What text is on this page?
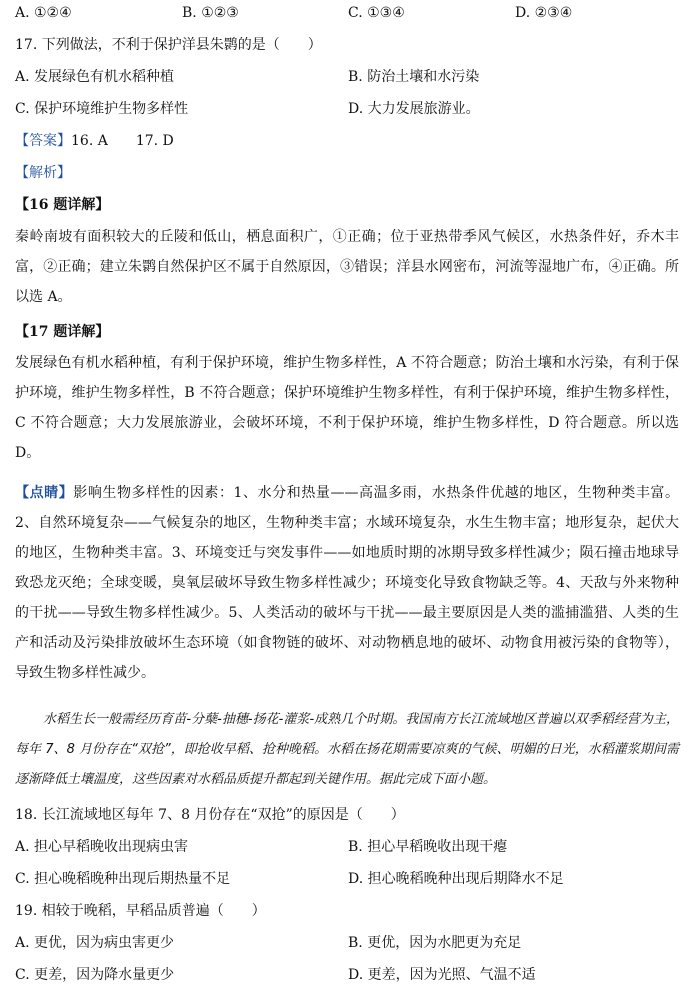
A. ①②④	B. ①②③	C. ①③④	D. ②③④
17. 下列做法，不利于保护洋县朱鹮的是（　　）
A. 发展绿色有机水稻种植	B. 防治土壤和水污染
C. 保护环境维护生物多样性	D. 大力发展旅游业。
【答案】16. A　　17. D
【解析】
【16 题详解】
秦岭南坡有面积较大的丘陵和低山，栖息面积广，①正确；位于亚热带季风气候区，水热条件好，乔木丰富，②正确；建立朱鹮自然保护区不属于自然原因，③错误；洋县水网密布，河流等湿地广布，④正确。所以选 A。
【17 题详解】
发展绿色有机水稻种植，有利于保护环境，维护生物多样性，A 不符合题意；防治土壤和水污染，有利于保护环境，维护生物多样性，B 不符合题意；保护环境维护生物多样性，有利于保护环境，维护生物多样性，C 不符合题意；大力发展旅游业，会破坏环境，不利于保护环境，维护生物多样性，D 符合题意。所以选 D。
【点睛】影响生物多样性的因素：1、水分和热量——高温多雨，水热条件优越的地区，生物种类丰富。 2、自然环境复杂——气候复杂的地区，生物种类丰富；水域环境复杂，水生生物丰富；地形复杂，起伏大的地区，生物种类丰富。3、环境变迁与突发事件——如地质时期的冰期导致多样性减少；陨石撞击地球导致恐龙灭绝；全球变暖，臭氧层破坏导致生物多样性减少；环境变化导致食物缺乏等。4、天敌与外来物种的干扰——导致生物多样性减少。5、人类活动的破坏与干扰——最主要原因是人类的滥捕滥猎、人类的生产和活动及污染排放破坏生态环境（如食物链的破坏、对动物栖息地的破坏、动物食用被污染的食物等），导致生物多样性减少。
水稻生长一般需经历育苗-分蘖-抽穗-扬花-灌浆-成熟几个时期。我国南方长江流域地区普遍以双季稻经营为主，每年 7、8 月份存在“双抢”，即抢收早稻、抢种晚稻。水稻在扬花期需要凉爽的气候、明媚的日光，水稻灌浆期间需逐渐降低土壤温度，这些因素对水稻品质提升都起到关键作用。据此完成下面小题。
18. 长江流域地区每年 7、8 月份存在“双抢”的原因是（　　）
A. 担心早稻晚收出现病虫害	B. 担心早稻晚收出现干瘪
C. 担心晚稻晚种出现后期热量不足	D. 担心晚稻晚种出现后期降水不足
19. 相较于晚稻，早稻品质普遍（　　）
A. 更优，因为病虫害更少	B. 更优，因为水肥更为充足
C. 更差，因为降水量更少	D. 更差，因为光照、气温不适
